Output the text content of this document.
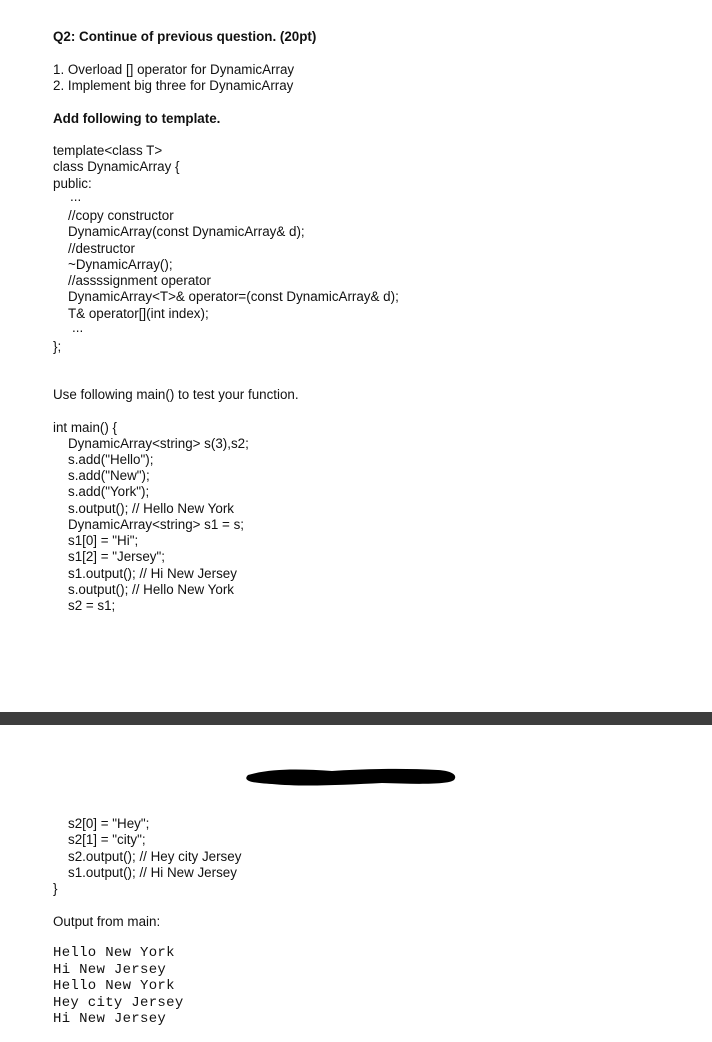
Q2: Continue of previous question. (20pt)
1. Overload [] operator for DynamicArray
2. Implement big three for DynamicArray
Add following to template.
template<class T>
class DynamicArray {
public:
...
//copy constructor
DynamicArray(const DynamicArray& d);
//destructor
~DynamicArray();
//assssignment operator
DynamicArray<T>& operator=(const DynamicArray& d);
T& operator[](int index);
...
};
Use following main() to test your function.
int main() {
DynamicArray<string> s(3),s2;
s.add("Hello");
s.add("New");
s.add("York");
s.output(); // Hello New York
DynamicArray<string> s1 = s;
s1[0] = "Hi";
s1[2] = "Jersey";
s1.output(); // Hi New Jersey
s.output(); // Hello New York
s2 = s1;
s2[0] = "Hey";
s2[1] = "city";
s2.output(); // Hey city Jersey
s1.output(); // Hi New Jersey
}
Output from main:
Hello New York
Hi New Jersey
Hello New York
Hey city Jersey
Hi New Jersey
